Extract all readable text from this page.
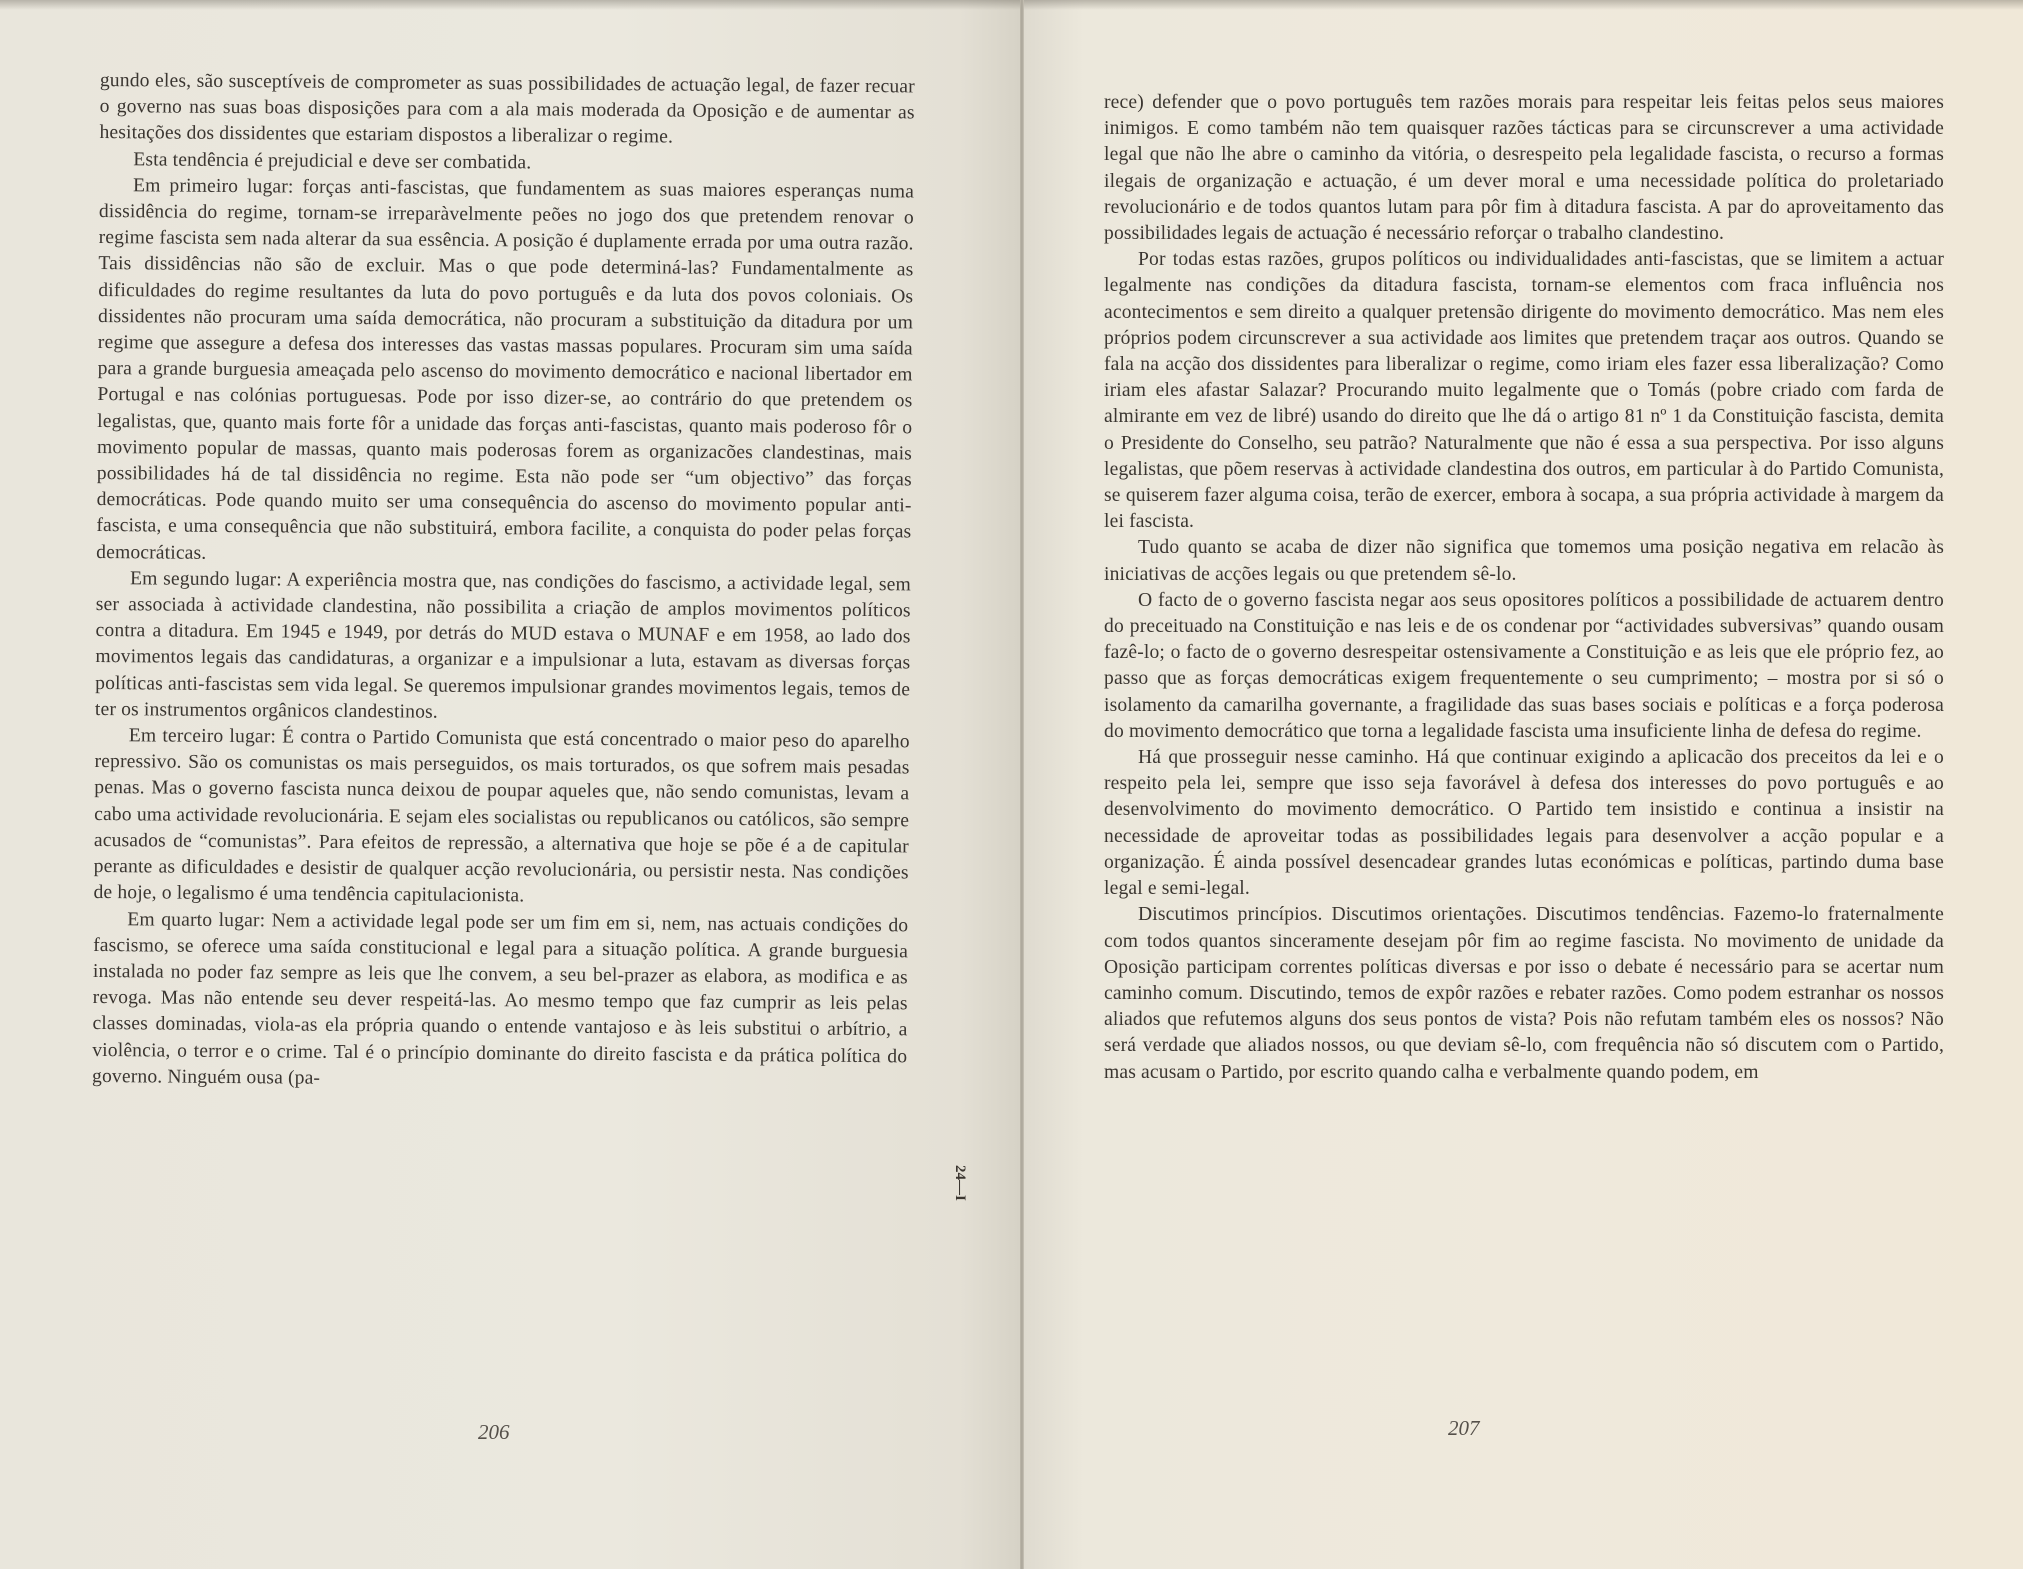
gundo eles, são susceptíveis de comprometer as suas possibilidades de actuação legal, de fazer recuar o governo nas suas boas disposições para com a ala mais moderada da Oposição e de aumentar as hesitações dos dissidentes que estariam dispostos a liberalizar o regime.

Esta tendência é prejudicial e deve ser combatida.

Em primeiro lugar: forças anti-fascistas, que fundamentem as suas maiores esperanças numa dissidência do regime, tornam-se irreparàvelmente peões no jogo dos que pretendem renovar o regime fascista sem nada alterar da sua essência. A posição é duplamente errada por uma outra razão. Tais dissidências não são de excluir. Mas o que pode determiná-las? Fundamentalmente as dificuldades do regime resultantes da luta do povo português e da luta dos povos coloniais. Os dissidentes não procuram uma saída democrática, não procuram a substituição da ditadura por um regime que assegure a defesa dos interesses das vastas massas populares. Procuram sim uma saída para a grande burguesia ameaçada pelo ascenso do movimento democrático e nacional libertador em Portugal e nas colónias portuguesas. Pode por isso dizer-se, ao contrário do que pretendem os legalistas, que, quanto mais forte fôr a unidade das forças anti-fascistas, quanto mais poderoso fôr o movimento popular de massas, quanto mais poderosas forem as organizacões clandestinas, mais possibilidades há de tal dissidência no regime. Esta não pode ser “um objectivo” das forças democráticas. Pode quando muito ser uma consequência do ascenso do movimento popular anti-fascista, e uma consequência que não substituirá, embora facilite, a conquista do poder pelas forças democráticas.

Em segundo lugar: A experiência mostra que, nas condições do fascismo, a actividade legal, sem ser associada à actividade clandestina, não possibilita a criação de amplos movimentos políticos contra a ditadura. Em 1945 e 1949, por detrás do MUD estava o MUNAF e em 1958, ao lado dos movimentos legais das candidaturas, a organizar e a impulsionar a luta, estavam as diversas forças políticas anti-fascistas sem vida legal. Se queremos impulsionar grandes movimentos legais, temos de ter os instrumentos orgânicos clandestinos.

Em terceiro lugar: É contra o Partido Comunista que está concentrado o maior peso do aparelho repressivo. São os comunistas os mais perseguidos, os mais torturados, os que sofrem mais pesadas penas. Mas o governo fascista nunca deixou de poupar aqueles que, não sendo comunistas, levam a cabo uma actividade revolucionária. E sejam eles socialistas ou republicanos ou católicos, são sempre acusados de “comunistas”. Para efeitos de repressão, a alternativa que hoje se põe é a de capitular perante as dificuldades e desistir de qualquer acção revolucionária, ou persistir nesta. Nas condições de hoje, o legalismo é uma tendência capitulacionista.

Em quarto lugar: Nem a actividade legal pode ser um fim em si, nem, nas actuais condições do fascismo, se oferece uma saída constitucional e legal para a situação política. A grande burguesia instalada no poder faz sempre as leis que lhe convem, a seu bel-prazer as elabora, as modifica e as revoga. Mas não entende seu dever respeitá-las. Ao mesmo tempo que faz cumprir as leis pelas classes dominadas, viola-as ela própria quando o entende vantajoso e às leis substitui o arbítrio, a violência, o terror e o crime. Tal é o princípio dominante do direito fascista e da prática política do governo. Ninguém ousa (pa-

206
24—I

rece) defender que o povo português tem razões morais para respeitar leis feitas pelos seus maiores inimigos. E como também não tem quaisquer razões tácticas para se circunscrever a uma actividade legal que não lhe abre o caminho da vitória, o desrespeito pela legalidade fascista, o recurso a formas ilegais de organização e actuação, é um dever moral e uma necessidade política do proletariado revolucionário e de todos quantos lutam para pôr fim à ditadura fascista. A par do aproveitamento das possibilidades legais de actuação é necessário reforçar o trabalho clandestino.

Por todas estas razões, grupos políticos ou individualidades anti-fascistas, que se limitem a actuar legalmente nas condições da ditadura fascista, tornam-se elementos com fraca influência nos acontecimentos e sem direito a qualquer pretensão dirigente do movimento democrático. Mas nem eles próprios podem circunscrever a sua actividade aos limites que pretendem traçar aos outros. Quando se fala na acção dos dissidentes para liberalizar o regime, como iriam eles fazer essa liberalização? Como iriam eles afastar Salazar? Procurando muito legalmente que o Tomás (pobre criado com farda de almirante em vez de libré) usando do direito que lhe dá o artigo 81 nº 1 da Constituição fascista, demita o Presidente do Conselho, seu patrão? Naturalmente que não é essa a sua perspectiva. Por isso alguns legalistas, que põem reservas à actividade clandestina dos outros, em particular à do Partido Comunista, se quiserem fazer alguma coisa, terão de exercer, embora à socapa, a sua própria actividade à margem da lei fascista.

Tudo quanto se acaba de dizer não significa que tomemos uma posição negativa em relacão às iniciativas de acções legais ou que pretendem sê-lo.

O facto de o governo fascista negar aos seus opositores políticos a possibilidade de actuarem dentro do preceituado na Constituição e nas leis e de os condenar por “actividades subversivas” quando ousam fazê-lo; o facto de o governo desrespeitar ostensivamente a Constituição e as leis que ele próprio fez, ao passo que as forças democráticas exigem frequentemente o seu cumprimento; – mostra por si só o isolamento da camarilha governante, a fragilidade das suas bases sociais e políticas e a força poderosa do movimento democrático que torna a legalidade fascista uma insuficiente linha de defesa do regime.

Há que prosseguir nesse caminho. Há que continuar exigindo a aplicacão dos preceitos da lei e o respeito pela lei, sempre que isso seja favorável à defesa dos interesses do povo português e ao desenvolvimento do movimento democrático. O Partido tem insistido e continua a insistir na necessidade de aproveitar todas as possibilidades legais para desenvolver a acção popular e a organização. É ainda possível desencadear grandes lutas económicas e políticas, partindo duma base legal e semi-legal.

Discutimos princípios. Discutimos orientações. Discutimos tendências. Fazemo-lo fraternalmente com todos quantos sinceramente desejam pôr fim ao regime fascista. No movimento de unidade da Oposição participam correntes políticas diversas e por isso o debate é necessário para se acertar num caminho comum. Discutindo, temos de expôr razões e rebater razões. Como podem estranhar os nossos aliados que refutemos alguns dos seus pontos de vista? Pois não refutam também eles os nossos? Não será verdade que aliados nossos, ou que deviam sê-lo, com frequência não só discutem com o Partido, mas acusam o Partido, por escrito quando calha e verbalmente quando podem, em

207
